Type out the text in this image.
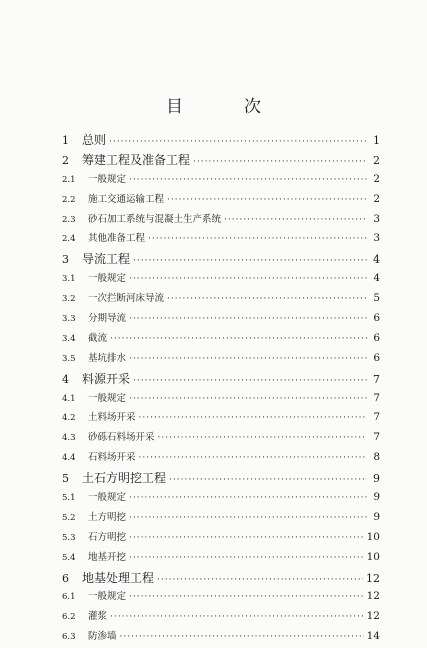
目　次
1	总则 ·····	1
2	筹建工程及准备工程 ·····	2
2.1	一般规定 ·····	2
2.2	施工交通运输工程 ·····	2
2.3	砂石加工系统与混凝土生产系统 ·····	3
2.4	其他准备工程 ·····	3
3	导流工程 ·····	4
3.1	一般规定 ·····	4
3.2	一次拦断河床导流 ·····	5
3.3	分期导流 ·····	6
3.4	截流 ·····	6
3.5	基坑排水 ·····	6
4	料源开采 ·····	7
4.1	一般规定 ·····	7
4.2	土料场开采 ·····	7
4.3	砂砾石料场开采 ·····	7
4.4	石料场开采 ·····	8
5	土石方明挖工程 ·····	9
5.1	一般规定 ·····	9
5.2	土方明挖 ·····	9
5.3	石方明挖 ·····	10
5.4	地基开挖 ·····	10
6	地基处理工程 ·····	12
6.1	一般规定 ·····	12
6.2	灌浆 ·····	12
6.3	防渗墙 ·····	14
